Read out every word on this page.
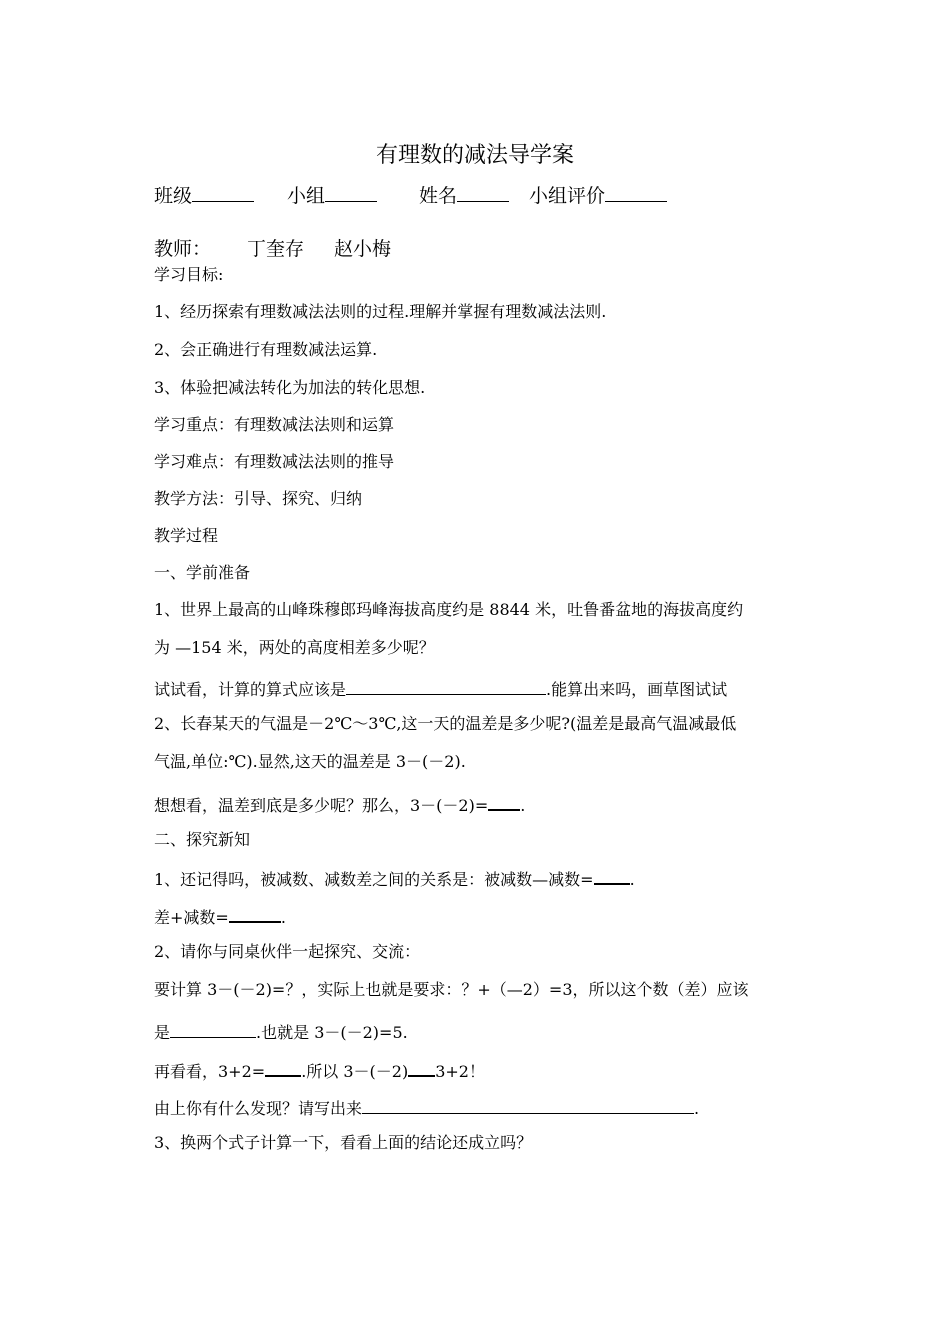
有理数的减法导学案
班级	小组	姓名	小组评价
教师： 丁奎存 赵小梅
学习目标:
1、经历探索有理数减法法则的过程.理解并掌握有理数减法法则.
2、会正确进行有理数减法运算.
3、体验把减法转化为加法的转化思想.
学习重点：有理数减法法则和运算
学习难点：有理数减法法则的推导
教学方法：引导、探究、归纳
教学过程
一、学前准备
1、世界上最高的山峰珠穆郎玛峰海拔高度约是 8844 米，吐鲁番盆地的海拔高度约
为 —154 米，两处的高度相差多少呢？
试试看，计算的算式应该是	.能算出来吗，画草图试试
2、长春某天的气温是－2℃～3℃,这一天的温差是多少呢?(温差是最高气温减最低
气温,单位:℃).显然,这天的温差是 3－(－2).
想想看，温差到底是多少呢？那么，3－(－2)= .
二、探究新知
1、还记得吗，被减数、减数差之间的关系是：被减数—减数= .
差+减数=	.
2、请你与同桌伙伴一起探究、交流：
要计算 3－(－2)=？，实际上也就是要求：？+（—2）=3，所以这个数（差）应该
是	.也就是 3－(－2)=5.
再看看，3+2= .所以 3－(－2) 3+2！
由上你有什么发现？请写出来	.
3、换两个式子计算一下，看看上面的结论还成立吗？
